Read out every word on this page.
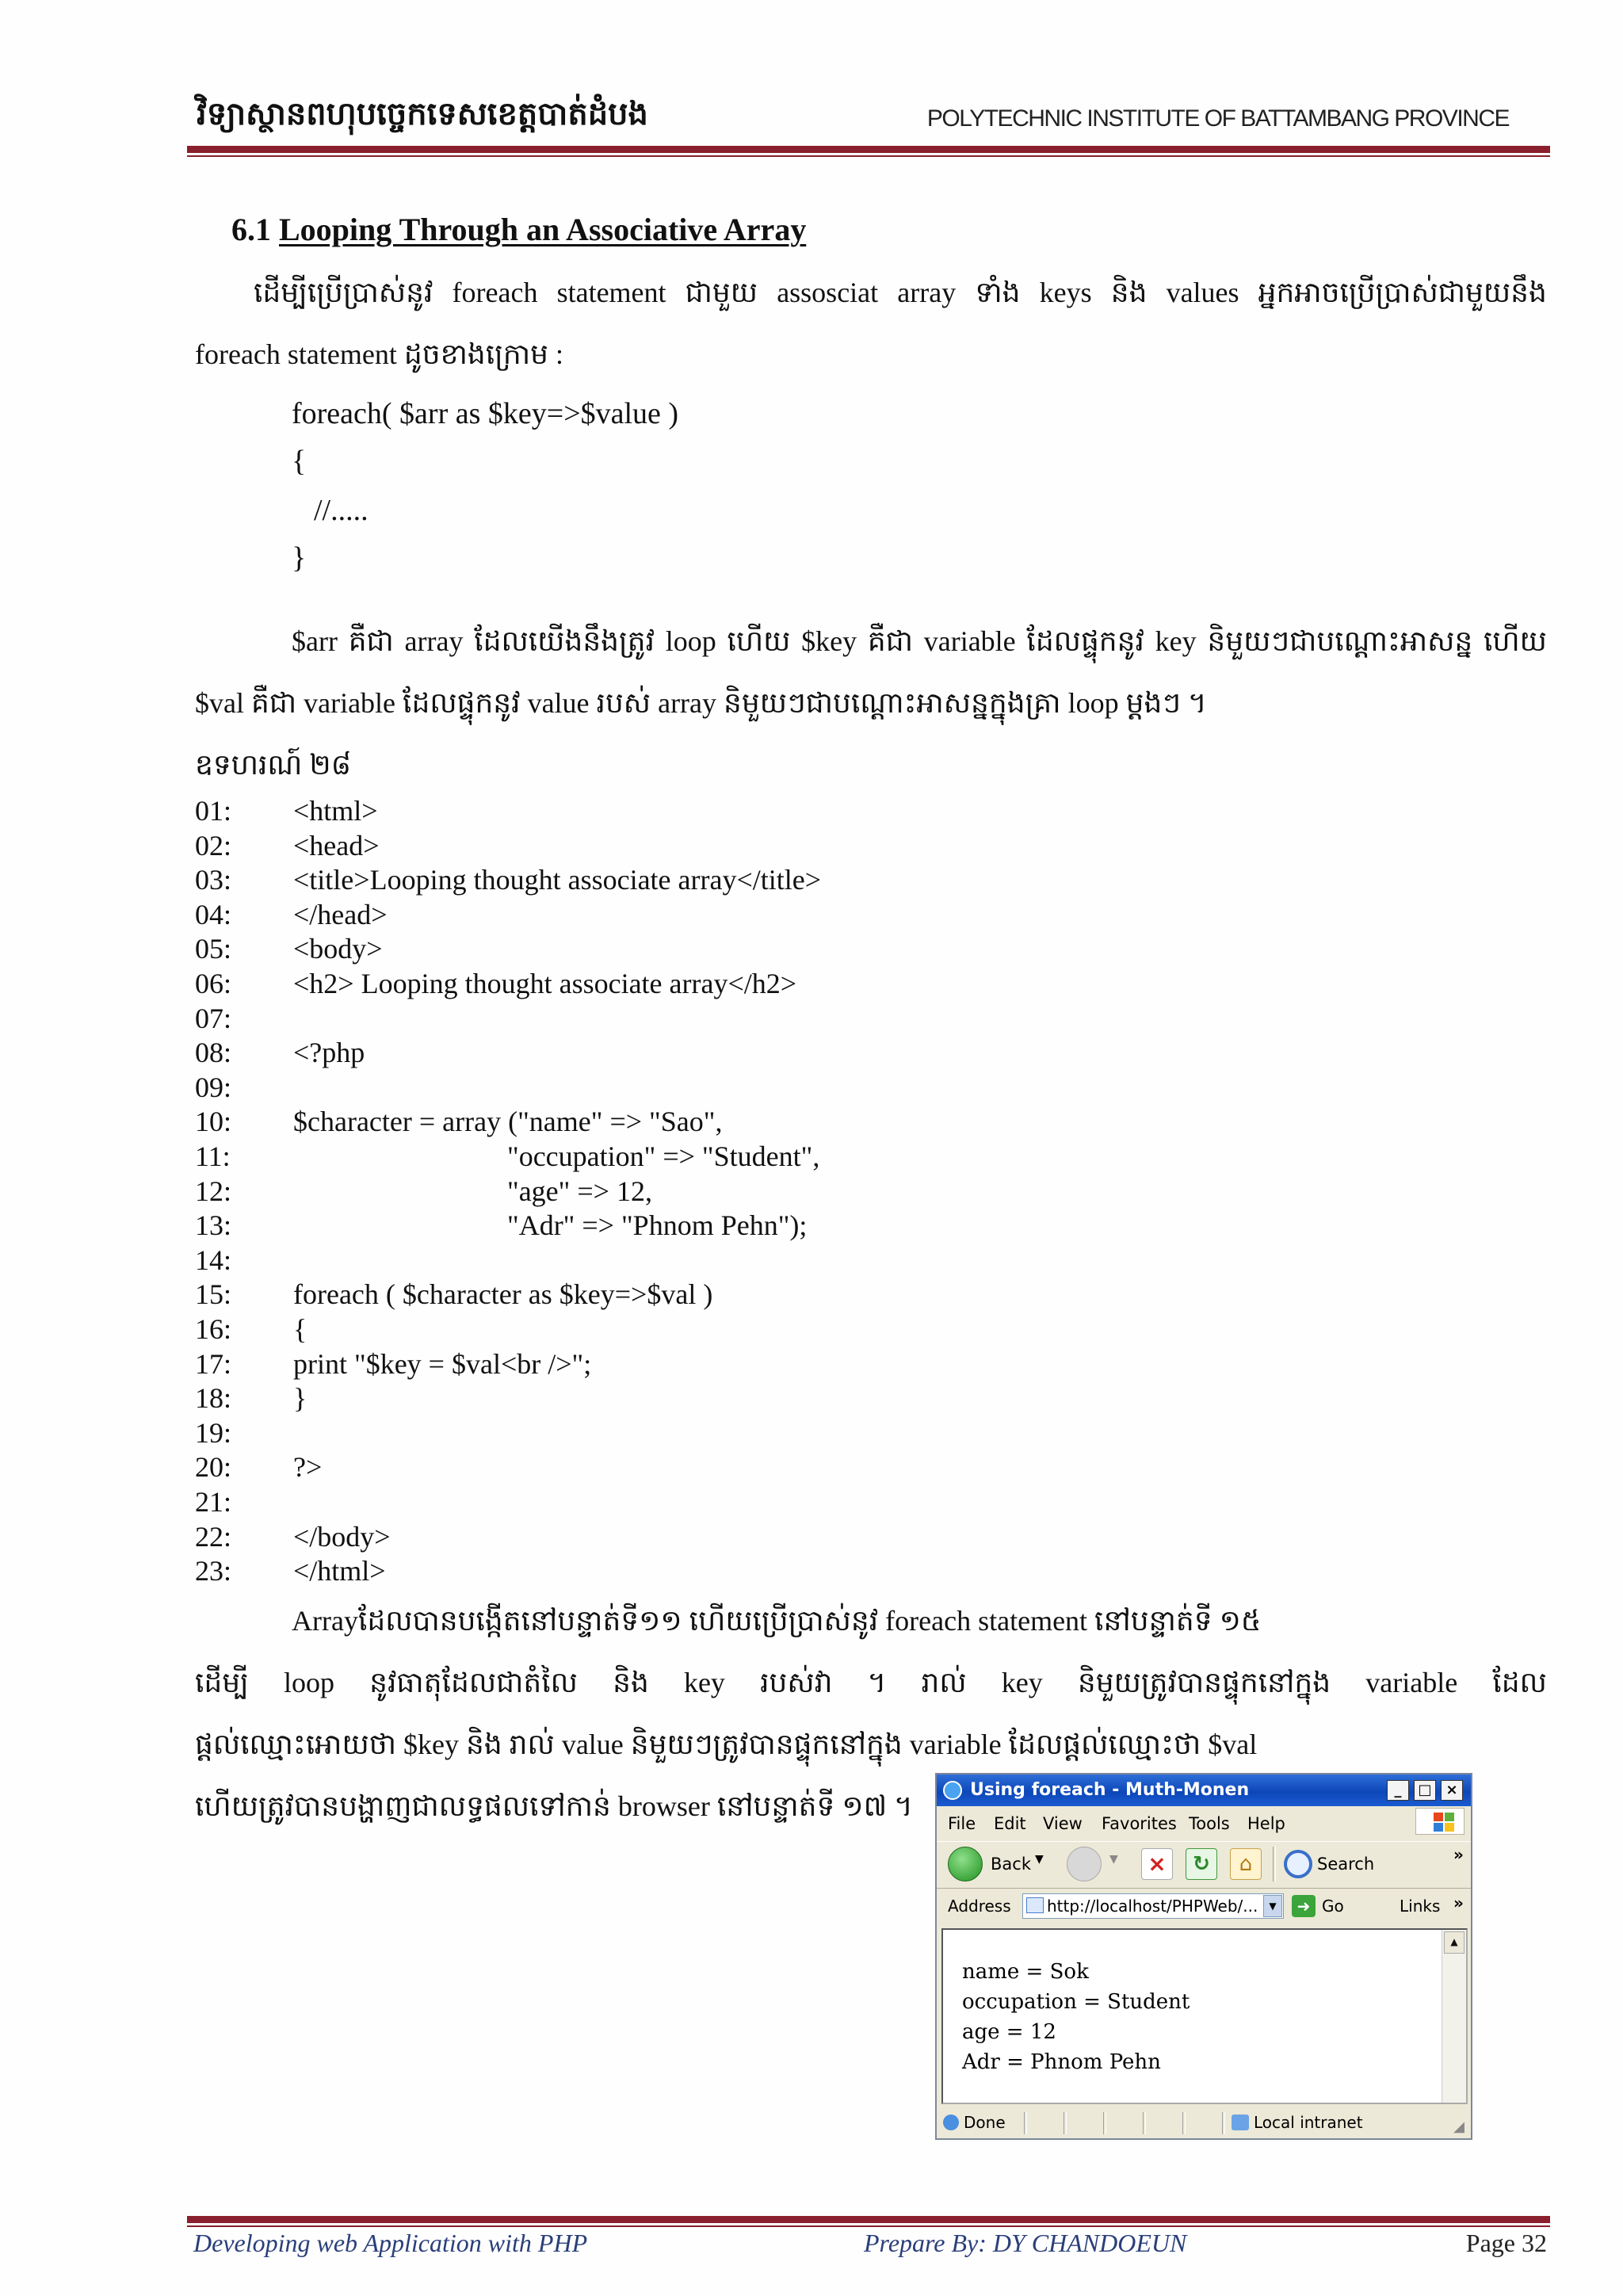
វិទ្យាស្ថានពហុបច្ចេកទេសខេត្តបាត់ដំបង	POLYTECHNIC INSTITUTE OF BATTAMBANG PROVINCE
6.1 Looping Through an Associative Array
ដើម្បីប្រើប្រាស់នូវ foreach statement ជាមួយ assosciat array ទាំង keys និង values អ្នកអាចប្រើប្រាស់ជាមួយនឹង
foreach statement ដូចខាងក្រោម :
foreach( $arr as $key=>$value )
{
//.....
}
$arr គឺជា array ដែលយើងនឹងត្រូវ loop ហើយ $key គឺជា variable ដែលផ្ទុកនូវ key និមួយៗជាបណ្តោះអាសន្ន ហើយ
$val គឺជា variable ដែលផ្ទុកនូវ value របស់ array និមួយៗជាបណ្តោះអាសន្នក្នុងគ្រា loop ម្តងៗ ។
ឧទហរណ៍ ២៨
01: <html>
02: <head>
03: <title>Looping thought associate array</title>
04: </head>
05: <body>
06: <h2> Looping thought associate array</h2>
07:
08: <?php
09:
10: $character = array ("name" => "Sao",
11: "occupation" => "Student",
12: "age" => 12,
13: "Adr" => "Phnom Pehn");
14:
15: foreach ( $character as $key=>$val )
16: {
17: print "$key = $val<br />";
18: }
19:
20: ?>
21:
22: </body>
23: </html>
Arrayដែលបានបង្កើតនៅបន្ទាត់ទី១១ ហើយប្រើប្រាស់នូវ foreach statement នៅបន្ទាត់ទី ១៥
ដើម្បី loop នូវធាតុដែលជាតំលៃ និង key របស់វា ។ រាល់ key និមួយត្រូវបានផ្ទុកនៅក្នុង variable ដែល
ផ្តល់ឈ្មោះអោយថា $key និង រាល់ value និមួយៗត្រូវបានផ្ទុកនៅក្នុង variable ដែលផ្តល់ឈ្មោះថា $val
ហើយត្រូវបានបង្ហាញជាលទ្ធផលទៅកាន់ browser នៅបន្ទាត់ទី ១៧ ។
Using foreach - Muth-Monen	_	□ ×
File Edit View Favorites Tools Help
Back ▼	▼ ×	↻	⌂	Search	»
Address	http://localhost/PHPWeb/...	▼	➜ Go	Links »
name = Sok
occupation = Student
age = 12
Adr = Phnom Pehn
▲
Done	Local intranet	◢
Developing web Application with PHP	Prepare By: DY CHANDOEUN	Page 32
